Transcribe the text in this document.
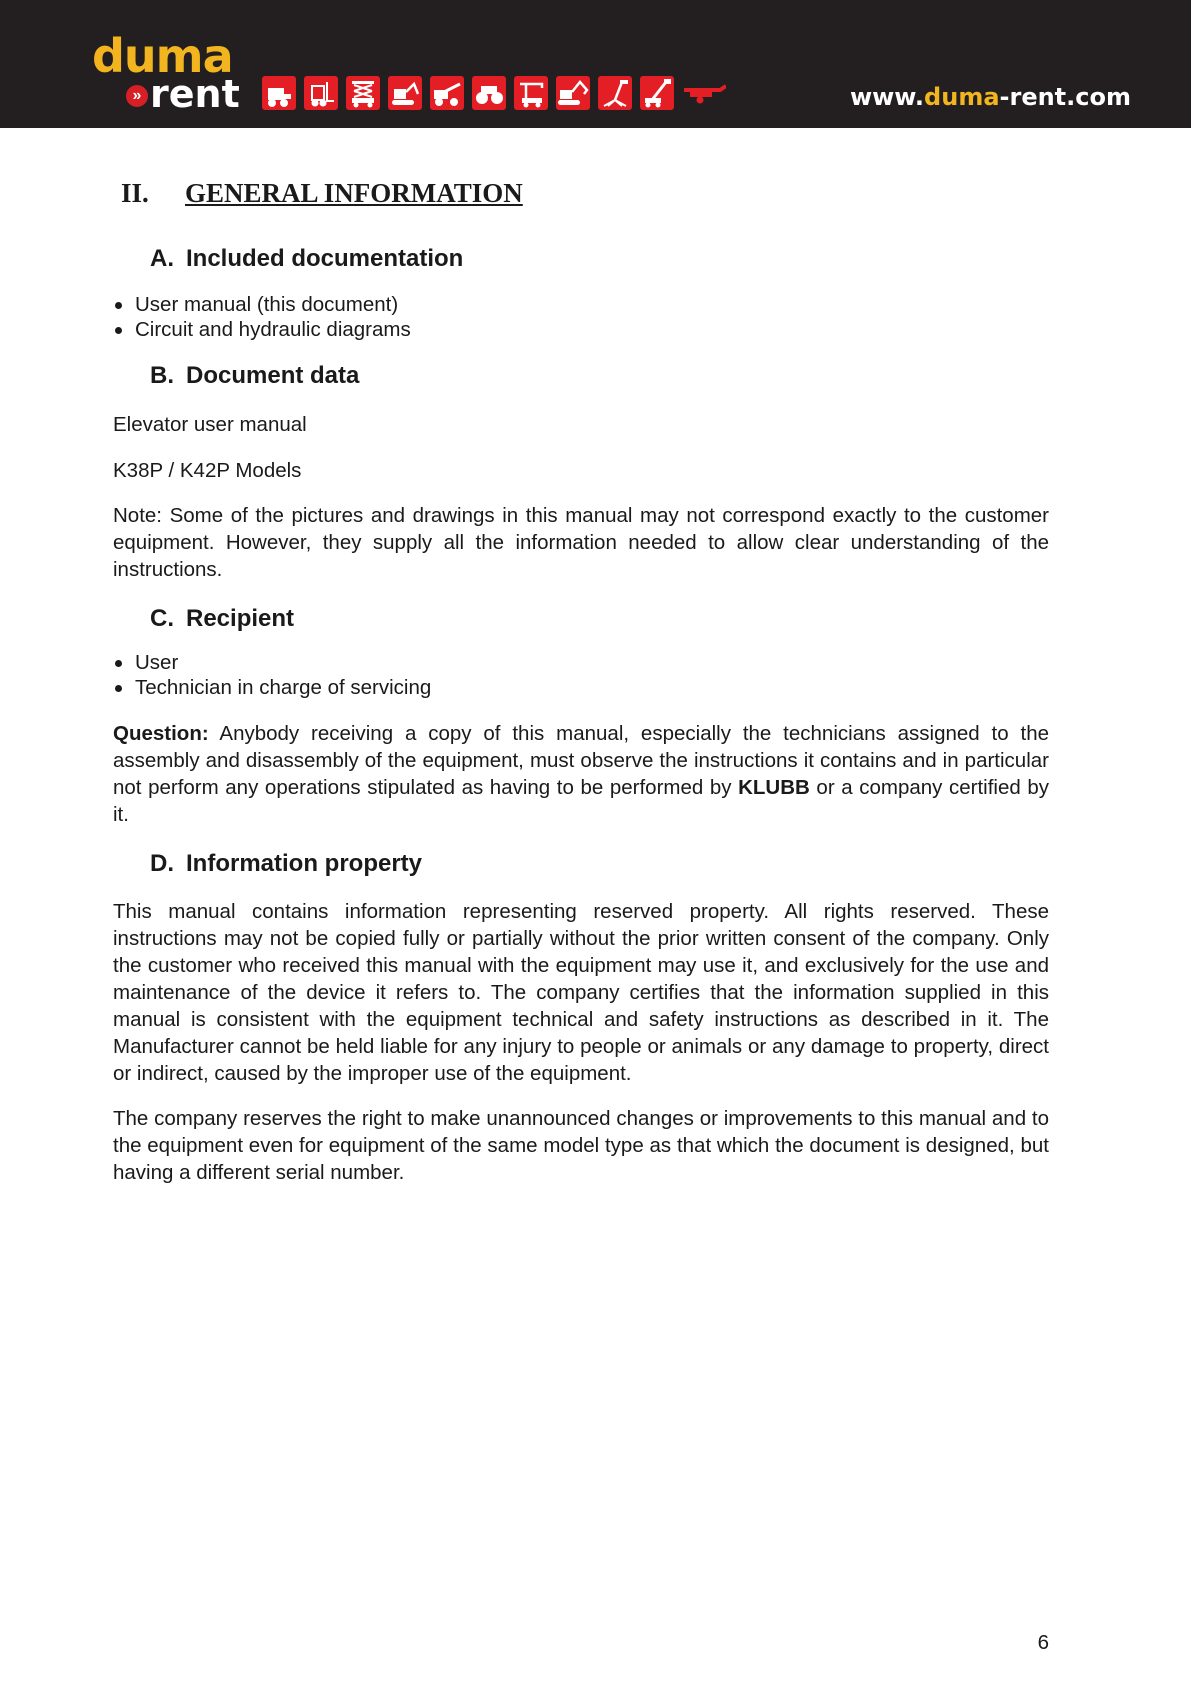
duma
» rent	www.duma-rent.com
II. GENERAL INFORMATION
A. Included documentation
User manual (this document)
Circuit and hydraulic diagrams
B. Document data

Elevator user manual

K38P / K42P Models

Note: Some of the pictures and drawings in this manual may not correspond exactly to the customer equipment. However, they supply all the information needed to allow clear understanding of the instructions.

C. Recipient
User
Technician in charge of servicing

Question: Anybody receiving a copy of this manual, especially the technicians assigned to the assembly and disassembly of the equipment, must observe the instructions it contains and in particular not perform any operations stipulated as having to be performed by KLUBB or a company certified by it.

D. Information property

This manual contains information representing reserved property. All rights reserved. These instructions may not be copied fully or partially without the prior written consent of the company. Only the customer who received this manual with the equipment may use it, and exclusively for the use and maintenance of the device it refers to. The company certifies that the information supplied in this manual is consistent with the equipment technical and safety instructions as described in it. The Manufacturer cannot be held liable for any injury to people or animals or any damage to property, direct or indirect, caused by the improper use of the equipment.

The company reserves the right to make unannounced changes or improvements to this manual and to the equipment even for equipment of the same model type as that which the document is designed, but having a different serial number.

6
